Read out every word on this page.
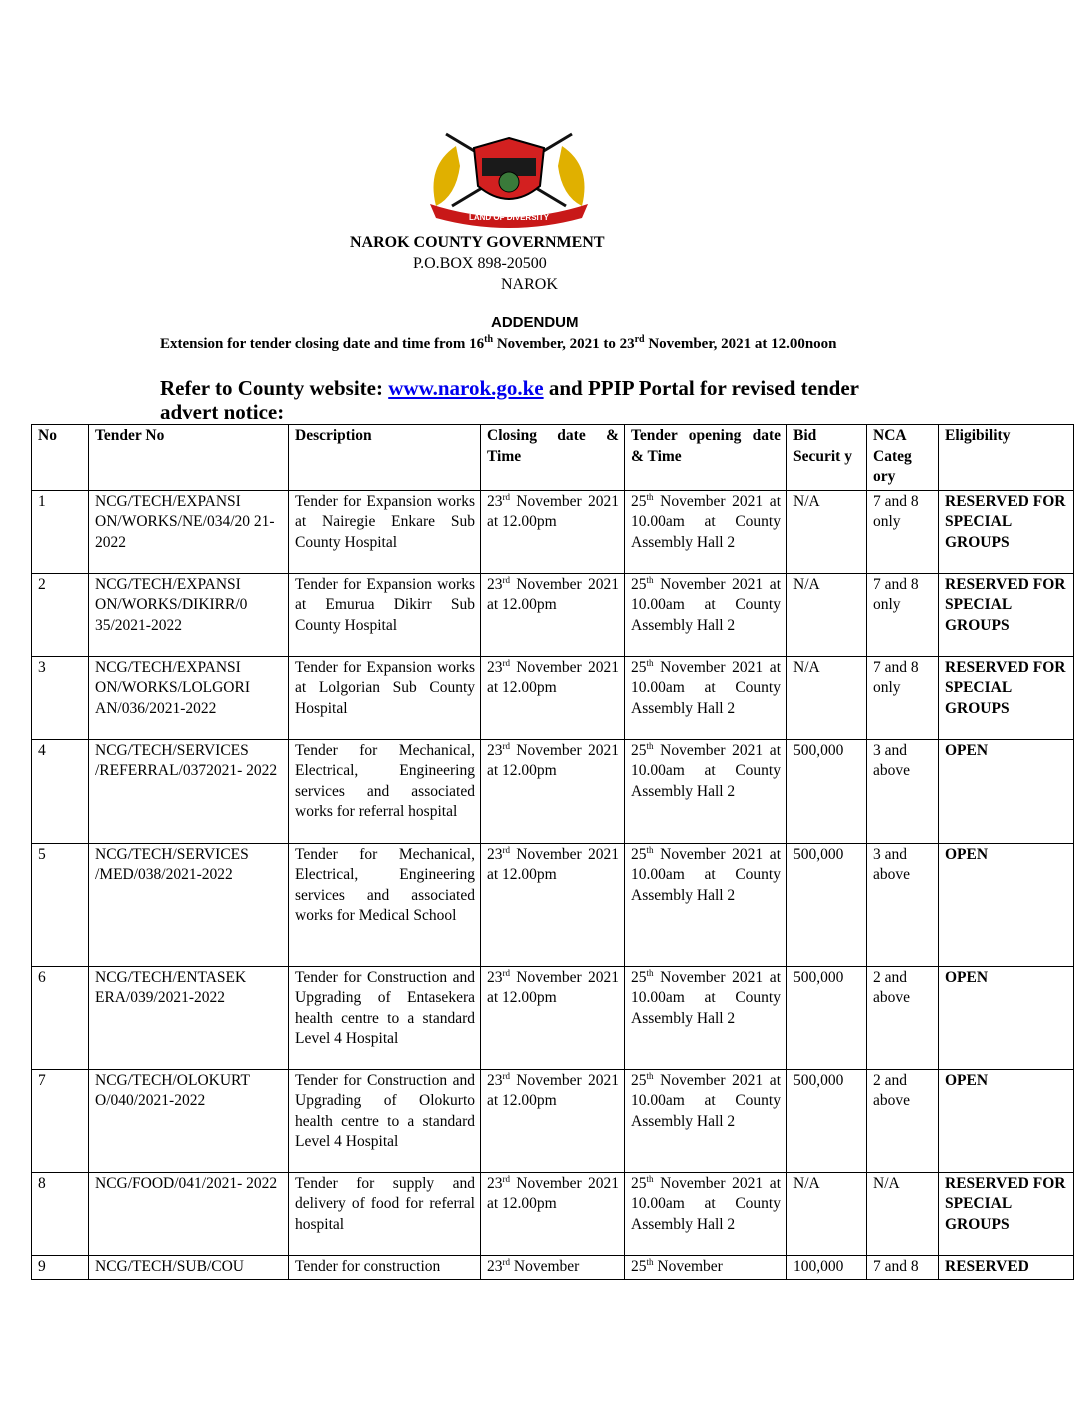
LAND OF DIVERSITY
NAROK COUNTY GOVERNMENT
P.O.BOX 898-20500
NAROK
ADDENDUM
Extension for tender closing date and time from 16th November, 2021 to 23rd November, 2021 at 12.00noon
Refer to County website: www.narok.go.ke and PPIP Portal for revised tender advert notice:
No	Tender No	Description	Closing date & Time	Tender opening date & Time	Bid Securit y	NCA Categ ory	Eligibility
1	NCG/TECH/EXPANSI ON/WORKS/NE/034/20 21-2022	Tender for Expansion works at Nairegie Enkare Sub County Hospital	23rd November 2021 at 12.00pm	25th November 2021 at 10.00am at County Assembly Hall 2	N/A	7 and 8 only	RESERVED FOR SPECIAL GROUPS
2	NCG/TECH/EXPANSI ON/WORKS/DIKIRR/0 35/2021-2022	Tender for Expansion works at Emurua Dikirr Sub County Hospital	23rd November 2021 at 12.00pm	25th November 2021 at 10.00am at County Assembly Hall 2	N/A	7 and 8 only	RESERVED FOR SPECIAL GROUPS
3	NCG/TECH/EXPANSI ON/WORKS/LOLGORI AN/036/2021-2022	Tender for Expansion works at Lolgorian Sub County Hospital	23rd November 2021 at 12.00pm	25th November 2021 at 10.00am at County Assembly Hall 2	N/A	7 and 8 only	RESERVED FOR SPECIAL GROUPS
4	NCG/TECH/SERVICES /REFERRAL/0372021- 2022	Tender for Mechanical, Electrical, Engineering services and associated works for referral hospital	23rd November 2021 at 12.00pm	25th November 2021 at 10.00am at County Assembly Hall 2	500,000	3 and above	OPEN
5	NCG/TECH/SERVICES /MED/038/2021-2022	Tender for Mechanical, Electrical, Engineering services and associated works for Medical School	23rd November 2021 at 12.00pm	25th November 2021 at 10.00am at County Assembly Hall 2	500,000	3 and above	OPEN
6	NCG/TECH/ENTASEK ERA/039/2021-2022	Tender for Construction and Upgrading of Entasekera health centre to a standard Level 4 Hospital	23rd November 2021 at 12.00pm	25th November 2021 at 10.00am at County Assembly Hall 2	500,000	2 and above	OPEN
7	NCG/TECH/OLOKURT O/040/2021-2022	Tender for Construction and Upgrading of Olokurto health centre to a standard Level 4 Hospital	23rd November 2021 at 12.00pm	25th November 2021 at 10.00am at County Assembly Hall 2	500,000	2 and above	OPEN
8	NCG/FOOD/041/2021- 2022	Tender for supply and delivery of food for referral hospital	23rd November 2021 at 12.00pm	25th November 2021 at 10.00am at County Assembly Hall 2	N/A	N/A	RESERVED FOR SPECIAL GROUPS
9	NCG/TECH/SUB/COU	Tender for construction	23rd November	25th November	100,000	7 and 8	RESERVED
